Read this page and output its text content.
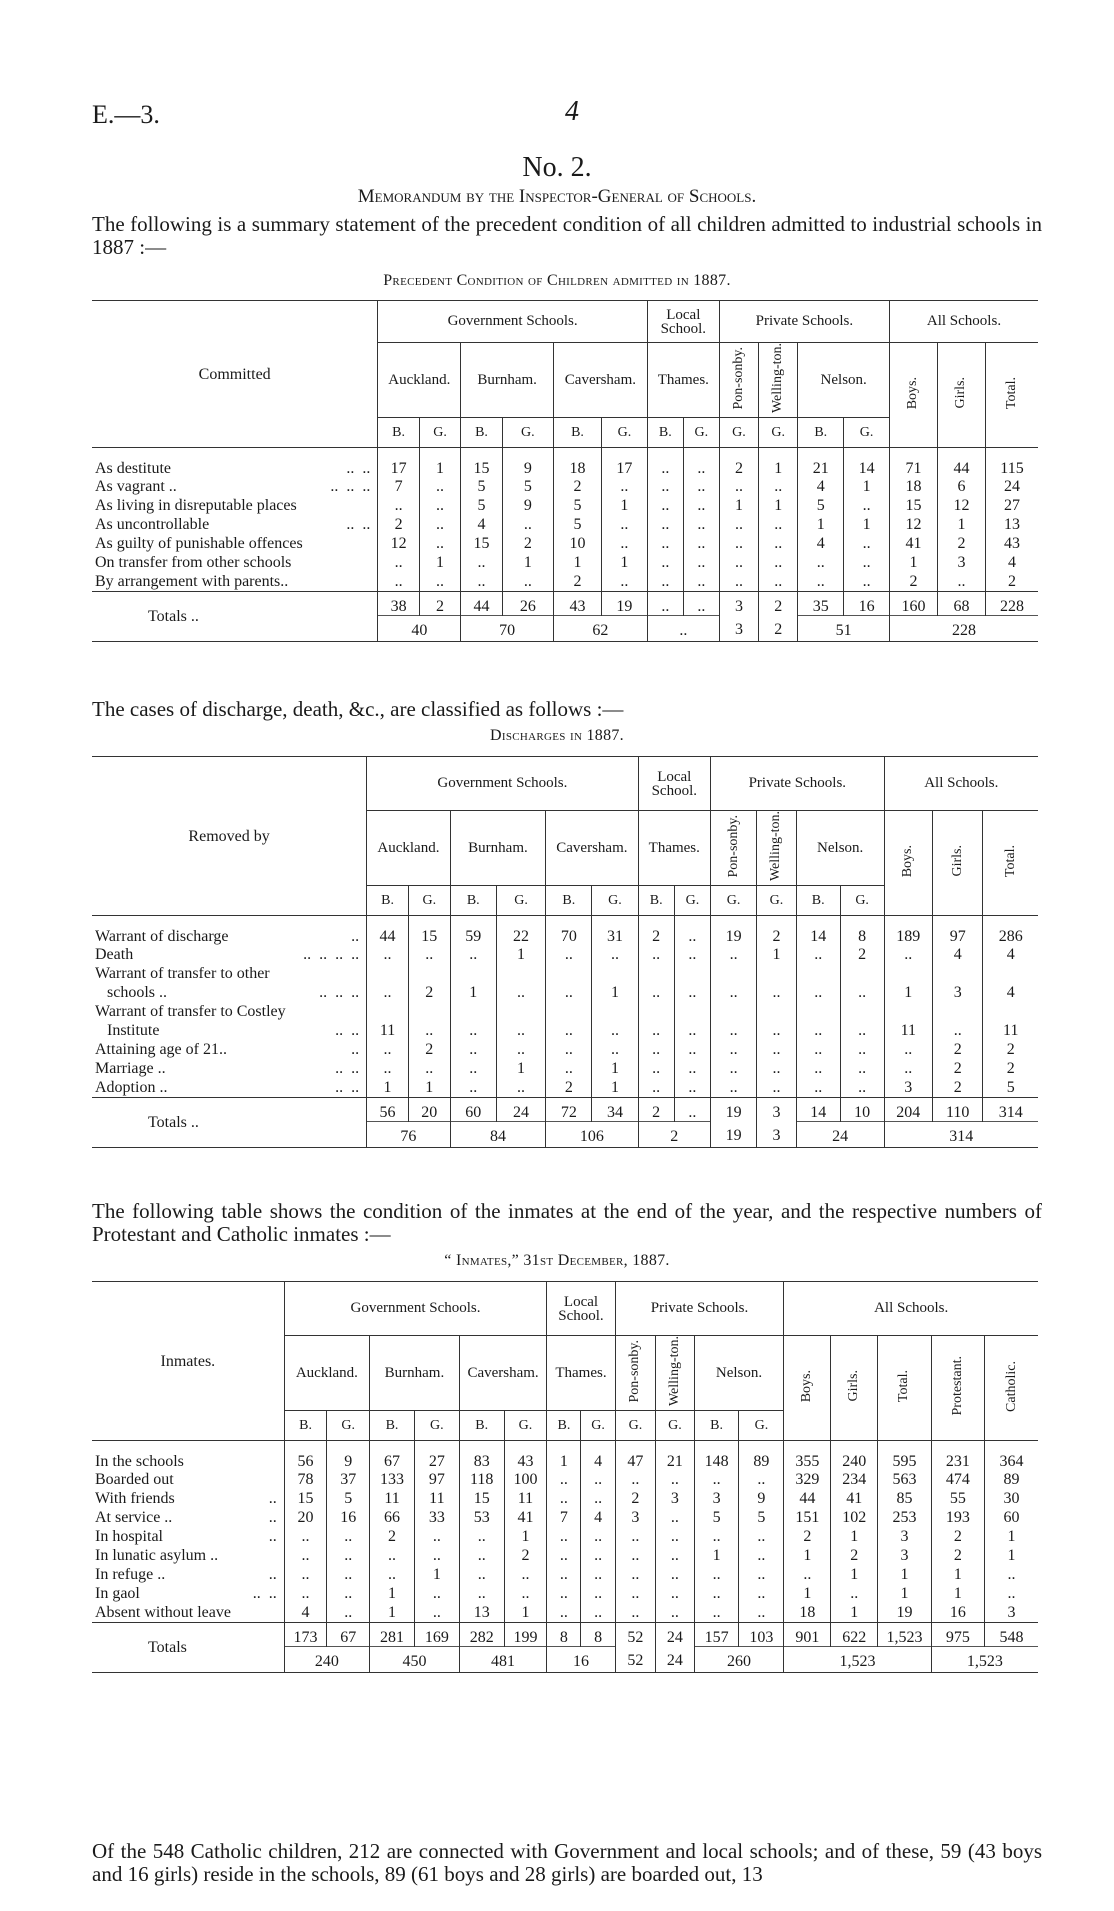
E.—3.	4
No. 2.
Memorandum by the Inspector-General of Schools.
The following is a summary statement of the precedent condition of all children admitted to industrial schools in 1887 :—
Precedent Condition of Children admitted in 1887.
Committed	Government Schools.						Local School.		Private Schools.				All Schools.		
	Auckland.		Burnham.		Caversham.		Thames.		Pon-sonby.	Welling-ton.	Nelson.		Boys.	Girls.	Total.
	B.	G.	B.	G.	B.	G.	B.	G.	G.	G.	B.	G.			
As destitute ..  ..	17	1	15	9	18	17	..	..	2	1	21	14	71	44	115
As vagrant .. ..  ..  ..	7	..	5	5	2	..	..	..	..	..	4	1	18	6	24
As living in disreputable places	..	..	5	9	5	1	..	..	1	1	5	..	15	12	27
As uncontrollable ..  ..	2	..	4	..	5	..	..	..	..	..	1	1	12	1	13
As guilty of punishable offences	12	..	15	2	10	..	..	..	..	..	4	..	41	2	43
On transfer from other schools	..	1	..	1	1	1	..	..	..	..	..	..	1	3	4
By arrangement with parents..	..	..	..	..	2	..	..	..	..	..	..	..	2	..	2
Totals ..	38	2	44	26	43	19	..	..	3	2	35	16	160	68	228
	40		70		62		..		3	2	51		228		
The cases of discharge, death, &c., are classified as follows :—
Discharges in 1887.
Removed by	Government Schools.						Local School.		Private Schools.				All Schools.		
	Auckland.		Burnham.		Caversham.		Thames.		Pon-sonby.	Welling-ton.	Nelson.		Boys.	Girls.	Total.
	B.	G.	B.	G.	B.	G.	B.	G.	G.	G.	B.	G.			
Warrant of discharge ..	44	15	59	22	70	31	2	..	19	2	14	8	189	97	286
Death ..  ..  ..  ..	..	..	..	1	..	..	..	..	..	1	..	2	..	4	4
Warrant of transfer to other															
schools .. ..  ..  ..	..	2	1	..	..	1	..	..	..	..	..	..	1	3	4
Warrant of transfer to Costley															
Institute ..  ..	11	..	..	..	..	..	..	..	..	..	..	..	11	..	11
Attaining age of 21.. ..	..	2	..	..	..	..	..	..	..	..	..	..	..	2	2
Marriage .. ..  ..	..	..	..	1	..	1	..	..	..	..	..	..	..	2	2
Adoption .. ..  ..	1	1	..	..	2	1	..	..	..	..	..	..	3	2	5
Totals ..	56	20	60	24	72	34	2	..	19	3	14	10	204	110	314
	76		84		106		2		19	3	24		314		
The following table shows the condition of the inmates at the end of the year, and the respective numbers of Protestant and Catholic inmates :—
“ Inmates,” 31st December, 1887.
Inmates.	Government Schools.						Local School.		Private Schools.				All Schools.				
	Auckland.		Burnham.		Caversham.		Thames.		Pon-sonby.	Welling-ton.	Nelson.		Boys.	Girls.	Total.	Protestant.	Catholic.
	B.	G.	B.	G.	B.	G.	B.	G.	G.	G.	B.	G.					
In the schools	56	9	67	27	83	43	1	4	47	21	148	89	355	240	595	231	364
Boarded out	78	37	133	97	118	100	..	..	..	..	..	..	329	234	563	474	89
With friends ..	15	5	11	11	15	11	..	..	2	3	3	9	44	41	85	55	30
At service .. ..	20	16	66	33	53	41	7	4	3	..	5	5	151	102	253	193	60
In hospital ..	..	..	2	..	..	1	..	..	..	..	..	..	2	1	3	2	1
In lunatic asylum ..	..	..	..	..	..	2	..	..	..	..	1	..	1	2	3	2	1
In refuge .. ..	..	..	..	1	..	..	..	..	..	..	..	..	..	1	1	1	..
In gaol ..  ..	..	..	1	..	..	..	..	..	..	..	..	..	1	..	1	1	..
Absent without leave	4	..	1	..	13	1	..	..	..	..	..	..	18	1	19	16	3
Totals	173	67	281	169	282	199	8	8	52	24	157	103	901	622	1,523	975	548
	240		450		481		16		52	24	260		1,523			1,523	
Of the 548 Catholic children, 212 are connected with Government and local schools; and of these, 59 (43 boys and 16 girls) reside in the schools, 89 (61 boys and 28 girls) are boarded out, 13
